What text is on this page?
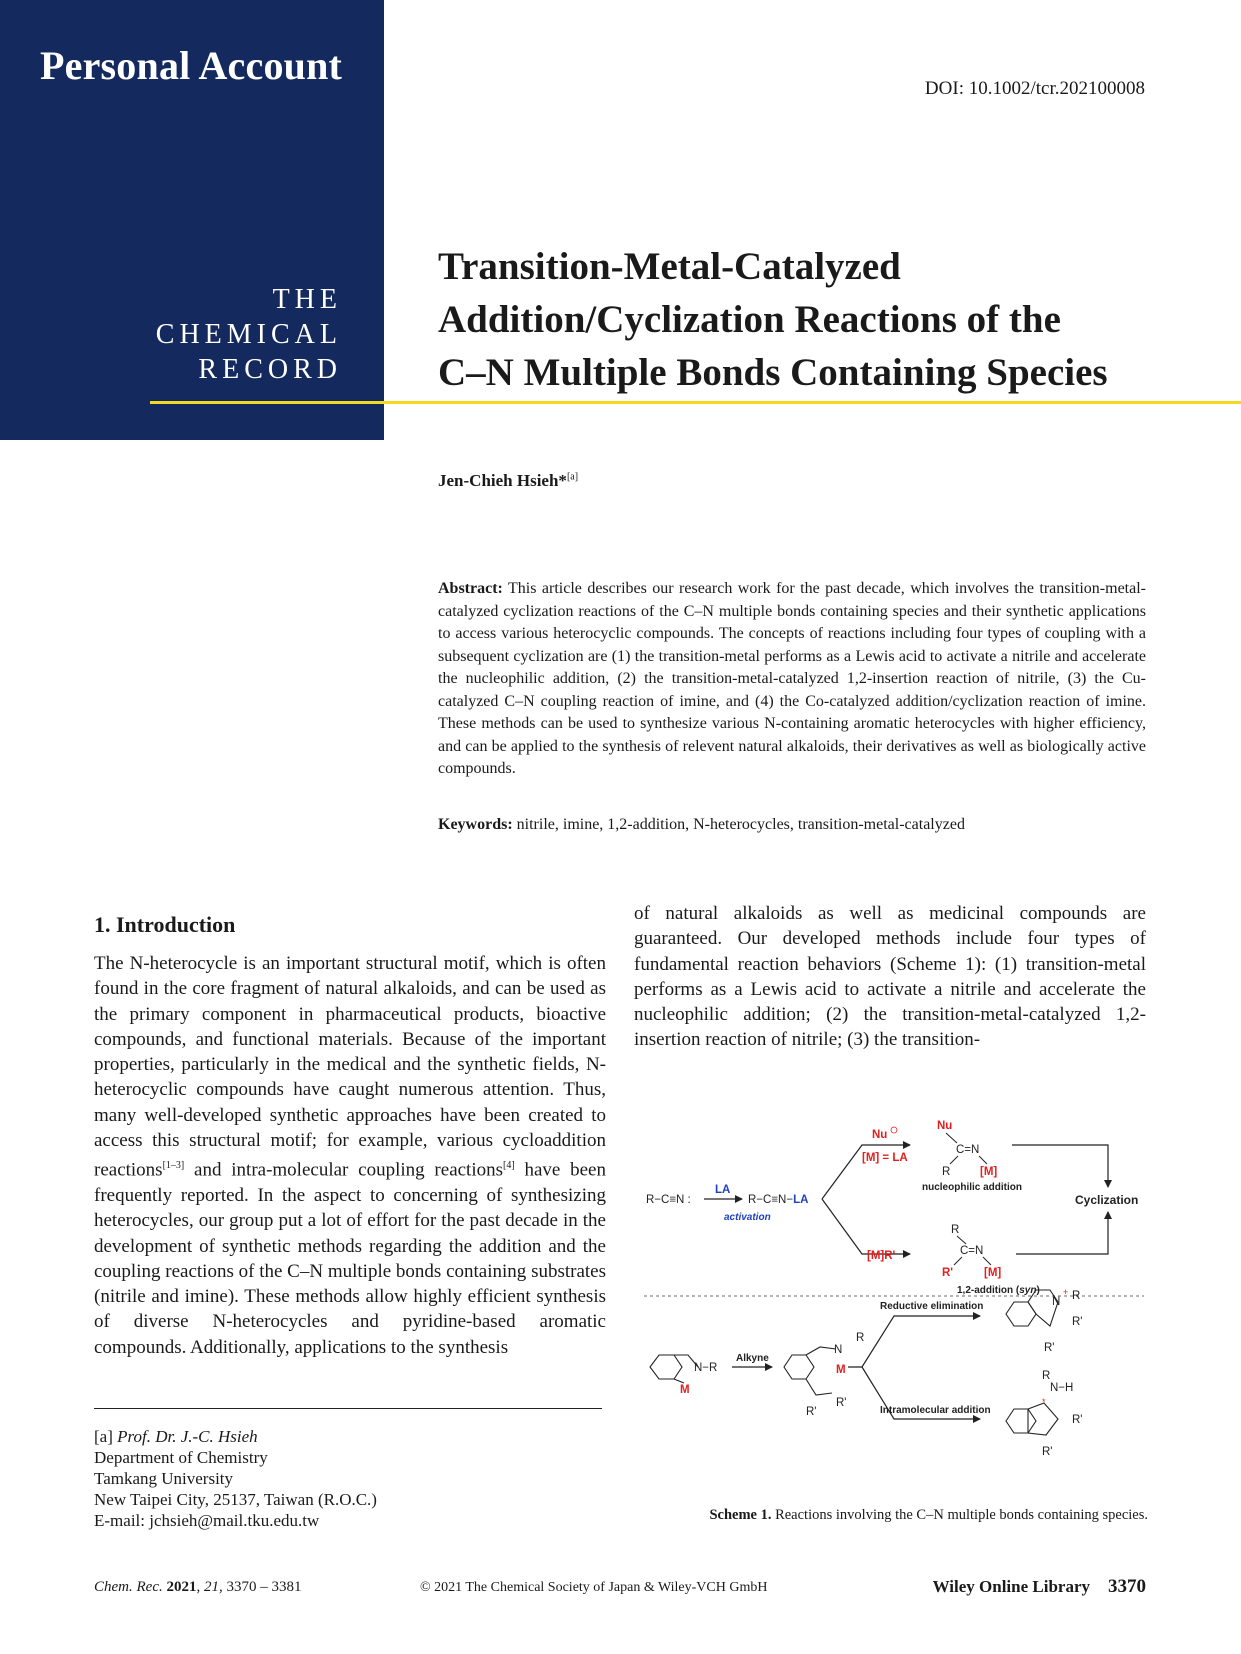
Personal Account
THE
CHEMICAL
RECORD
DOI: 10.1002/tcr.202100008
Transition-Metal-Catalyzed
Addition/Cyclization Reactions of the
C–N Multiple Bonds Containing Species
Jen-Chieh Hsieh*[a]
Abstract: This article describes our research work for the past decade, which involves the transition-metal-catalyzed cyclization reactions of the C–N multiple bonds containing species and their synthetic applications to access various heterocyclic compounds. The concepts of reactions including four types of coupling with a subsequent cyclization are (1) the transition-metal performs as a Lewis acid to activate a nitrile and accelerate the nucleophilic addition, (2) the transition-metal-catalyzed 1,2-insertion reaction of nitrile, (3) the Cu-catalyzed C–N coupling reaction of imine, and (4) the Co-catalyzed addition/cyclization reaction of imine. These methods can be used to synthesize various N-containing aromatic heterocycles with higher efficiency, and can be applied to the synthesis of relevent natural alkaloids, their derivatives as well as biologically active compounds.
Keywords: nitrile, imine, 1,2-addition, N-heterocycles, transition-metal-catalyzed
1. Introduction
The N-heterocycle is an important structural motif, which is often found in the core fragment of natural alkaloids, and can be used as the primary component in pharmaceutical products, bioactive compounds, and functional materials. Because of the important properties, particularly in the medical and the synthetic fields, N-heterocyclic compounds have caught numerous attention. Thus, many well-developed synthetic approaches have been created to access this structural motif; for example, various cycloaddition reactions[1–3] and intra-molecular coupling reactions[4] have been frequently reported. In the aspect to concerning of synthesizing heterocycles, our group put a lot of effort for the past decade in the development of synthetic methods regarding the addition and the coupling reactions of the C–N multiple bonds containing substrates (nitrile and imine). These methods allow highly efficient synthesis of diverse N-heterocycles and pyridine-based aromatic compounds. Additionally, applications to the synthesis
of natural alkaloids as well as medicinal compounds are guaranteed. Our developed methods include four types of fundamental reaction behaviors (Scheme 1): (1) transition-metal performs as a Lewis acid to activate a nitrile and accelerate the nucleophilic addition; (2) the transition-metal-catalyzed 1,2-insertion reaction of nitrile; (3) the transition-
[a] Prof. Dr. J.-C. Hsieh
Department of Chemistry
Tamkang University
New Taipei City, 25137, Taiwan (R.O.C.)
E-mail: jchsieh@mail.tku.edu.tw
R−C≡N :
LA
R−C≡N−LA
activation
Nu
[M] = LA
[M]R'
Nu
C=N
R	[M]
nucleophilic addition
R
C=N
R'	[M]
1,2-addition (syn)
Cyclization
N−R
M
Alkyne
N
R
M
R'
R'
Reductive elimination
Intramolecular addition
N
+ R
R'
R'
R
N−H
*
R'
R'
Scheme 1. Reactions involving the C–N multiple bonds containing species.
Chem. Rec. 2021, 21, 3370 – 3381	© 2021 The Chemical Society of Japan & Wiley-VCH GmbH	Wiley Online Library 3370
